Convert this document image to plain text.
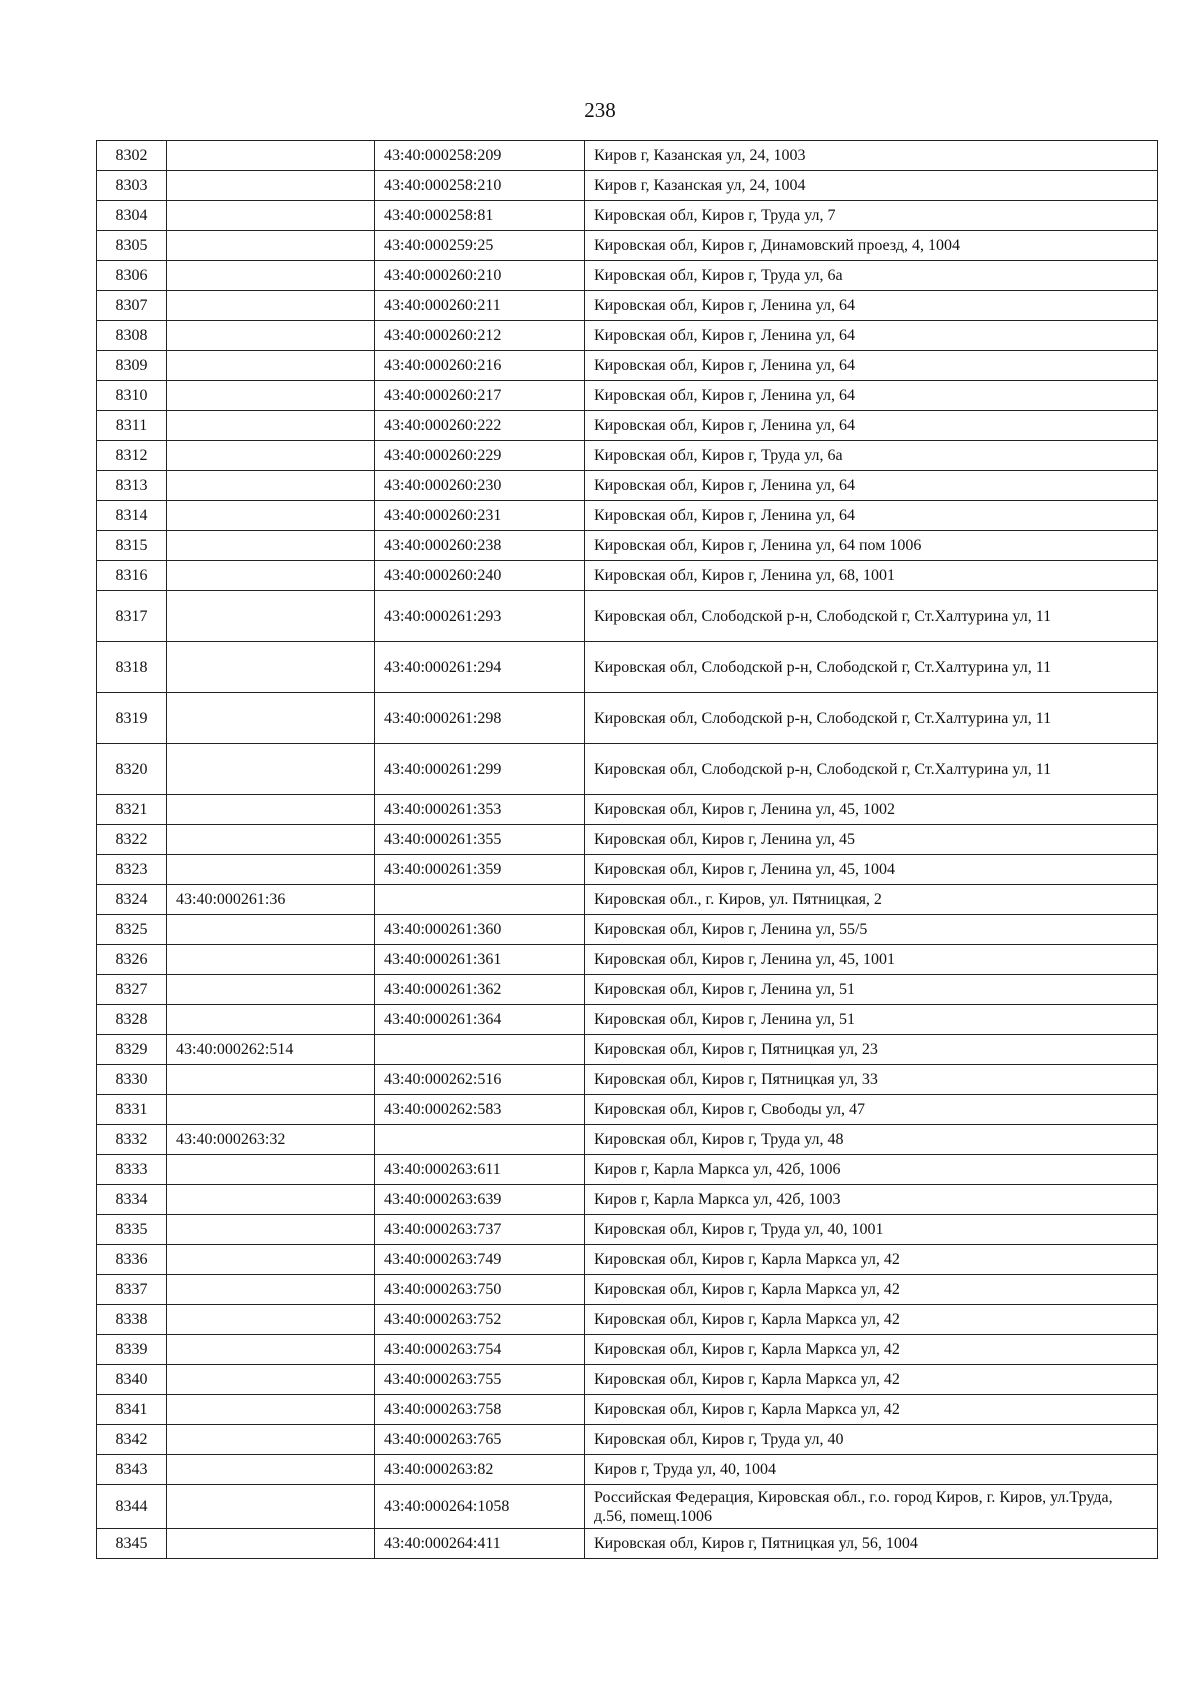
238
8302		43:40:000258:209	Киров г, Казанская ул, 24, 1003
8303		43:40:000258:210	Киров г, Казанская ул, 24, 1004
8304		43:40:000258:81	Кировская обл, Киров г, Труда ул, 7
8305		43:40:000259:25	Кировская обл, Киров г, Динамовский проезд, 4, 1004
8306		43:40:000260:210	Кировская обл, Киров г, Труда ул, 6а
8307		43:40:000260:211	Кировская обл, Киров г, Ленина ул, 64
8308		43:40:000260:212	Кировская обл, Киров г, Ленина ул, 64
8309		43:40:000260:216	Кировская обл, Киров г, Ленина ул, 64
8310		43:40:000260:217	Кировская обл, Киров г, Ленина ул, 64
8311		43:40:000260:222	Кировская обл, Киров г, Ленина ул, 64
8312		43:40:000260:229	Кировская обл, Киров г, Труда ул, 6а
8313		43:40:000260:230	Кировская обл, Киров г, Ленина ул, 64
8314		43:40:000260:231	Кировская обл, Киров г, Ленина ул, 64
8315		43:40:000260:238	Кировская обл, Киров г, Ленина ул, 64 пом 1006
8316		43:40:000260:240	Кировская обл, Киров г, Ленина ул, 68, 1001
8317		43:40:000261:293	Кировская обл, Слободской р-н, Слободской г, Ст.Халтурина ул, 11
8318		43:40:000261:294	Кировская обл, Слободской р-н, Слободской г, Ст.Халтурина ул, 11
8319		43:40:000261:298	Кировская обл, Слободской р-н, Слободской г, Ст.Халтурина ул, 11
8320		43:40:000261:299	Кировская обл, Слободской р-н, Слободской г, Ст.Халтурина ул, 11
8321		43:40:000261:353	Кировская обл, Киров г, Ленина ул, 45, 1002
8322		43:40:000261:355	Кировская обл, Киров г, Ленина ул, 45
8323		43:40:000261:359	Кировская обл, Киров г, Ленина ул, 45, 1004
8324	43:40:000261:36		Кировская обл., г. Киров, ул. Пятницкая, 2
8325		43:40:000261:360	Кировская обл, Киров г, Ленина ул, 55/5
8326		43:40:000261:361	Кировская обл, Киров г, Ленина ул, 45, 1001
8327		43:40:000261:362	Кировская обл, Киров г, Ленина ул, 51
8328		43:40:000261:364	Кировская обл, Киров г, Ленина ул, 51
8329	43:40:000262:514		Кировская обл, Киров г, Пятницкая ул, 23
8330		43:40:000262:516	Кировская обл, Киров г, Пятницкая ул, 33
8331		43:40:000262:583	Кировская обл, Киров г, Свободы ул, 47
8332	43:40:000263:32		Кировская обл, Киров г, Труда ул, 48
8333		43:40:000263:611	Киров г, Карла Маркса ул, 42б, 1006
8334		43:40:000263:639	Киров г, Карла Маркса ул, 42б, 1003
8335		43:40:000263:737	Кировская обл, Киров г, Труда ул, 40, 1001
8336		43:40:000263:749	Кировская обл, Киров г, Карла Маркса ул, 42
8337		43:40:000263:750	Кировская обл, Киров г, Карла Маркса ул, 42
8338		43:40:000263:752	Кировская обл, Киров г, Карла Маркса ул, 42
8339		43:40:000263:754	Кировская обл, Киров г, Карла Маркса ул, 42
8340		43:40:000263:755	Кировская обл, Киров г, Карла Маркса ул, 42
8341		43:40:000263:758	Кировская обл, Киров г, Карла Маркса ул, 42
8342		43:40:000263:765	Кировская обл, Киров г, Труда ул, 40
8343		43:40:000263:82	Киров г, Труда ул, 40, 1004
8344		43:40:000264:1058	Российская Федерация, Кировская обл., г.о. город Киров, г. Киров, ул.Труда, д.56, помещ.1006
8345		43:40:000264:411	Кировская обл, Киров г, Пятницкая ул, 56, 1004
